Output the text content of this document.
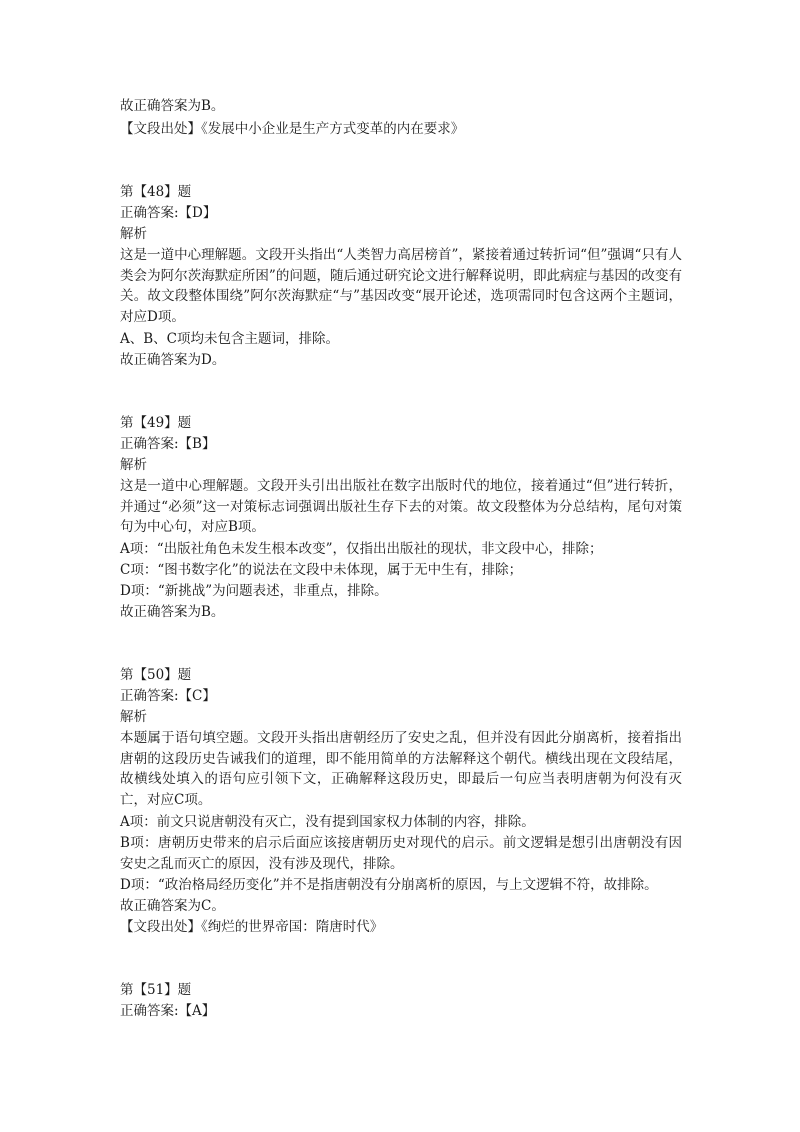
故正确答案为B。
【文段出处】《发展中小企业是生产方式变革的内在要求》
第【48】题
正确答案:【D】
解析
这是一道中心理解题。文段开头指出“人类智力高居榜首”，紧接着通过转折词“但”强调“只有人类会为阿尔茨海默症所困”的问题，随后通过研究论文进行解释说明，即此病症与基因的改变有关。故文段整体围绕”阿尔茨海默症“与”基因改变“展开论述，选项需同时包含这两个主题词，对应D项。
A、B、C项均未包含主题词，排除。
故正确答案为D。
第【49】题
正确答案:【B】
解析
这是一道中心理解题。文段开头引出出版社在数字出版时代的地位，接着通过“但”进行转折，并通过“必须”这一对策标志词强调出版社生存下去的对策。故文段整体为分总结构，尾句对策句为中心句，对应B项。
A项：“出版社角色未发生根本改变”，仅指出出版社的现状，非文段中心，排除；
C项：“图书数字化”的说法在文段中未体现，属于无中生有，排除；
D项：“新挑战”为问题表述，非重点，排除。
故正确答案为B。
第【50】题
正确答案:【C】
解析
本题属于语句填空题。文段开头指出唐朝经历了安史之乱，但并没有因此分崩离析，接着指出唐朝的这段历史告诫我们的道理，即不能用简单的方法解释这个朝代。横线出现在文段结尾，故横线处填入的语句应引领下文，正确解释这段历史，即最后一句应当表明唐朝为何没有灭亡，对应C项。
A项：前文只说唐朝没有灭亡，没有提到国家权力体制的内容，排除。
B项：唐朝历史带来的启示后面应该接唐朝历史对现代的启示。前文逻辑是想引出唐朝没有因安史之乱而灭亡的原因，没有涉及现代，排除。
D项：“政治格局经历变化”并不是指唐朝没有分崩离析的原因，与上文逻辑不符，故排除。
故正确答案为C。
【文段出处】《绚烂的世界帝国：隋唐时代》
第【51】题
正确答案:【A】
